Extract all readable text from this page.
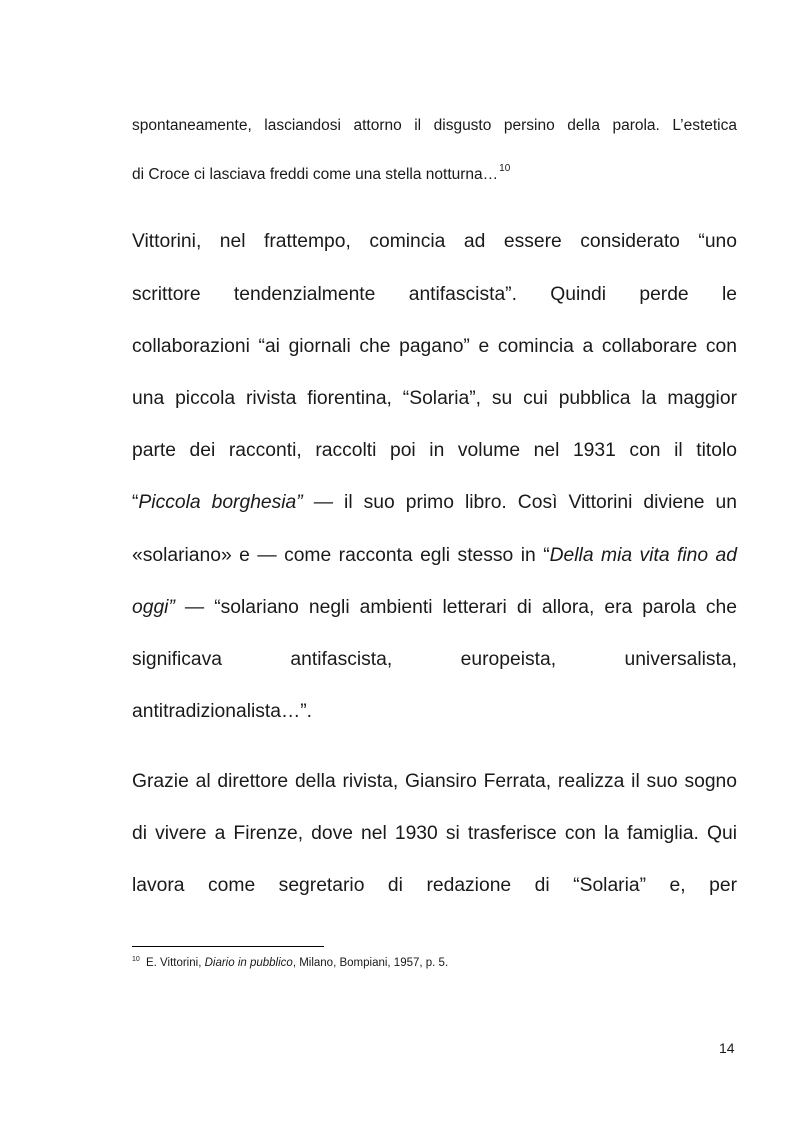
spontaneamente, lasciandosi attorno il disgusto persino della parola. L’estetica
di Croce ci lasciava freddi come una stella notturna…$^{10}$
Vittorini, nel frattempo, comincia ad essere considerato “uno
scrittore tendenzialmente antifascista”. Quindi perde le
collaborazioni “ai giornali che pagano” e comincia a collaborare con
una piccola rivista fiorentina, “Solaria”, su cui pubblica la maggior
parte dei racconti, raccolti poi in volume nel 1931 con il titolo
“Piccola borghesia” — il suo primo libro. Così Vittorini diviene un
«solariano» e — come racconta egli stesso in “Della mia vita fino ad
oggi” — “solariano negli ambienti letterari di allora, era parola che
significava antifascista, europeista, universalista,
antitradizionalista…”.
Grazie al direttore della rivista, Giansiro Ferrata, realizza il suo sogno
di vivere a Firenze, dove nel 1930 si trasferisce con la famiglia. Qui
lavora come segretario di redazione di “Solaria” e, per
$^{10}$ E. Vittorini, Diario in pubblico, Milano, Bompiani, 1957, p. 5.
14
